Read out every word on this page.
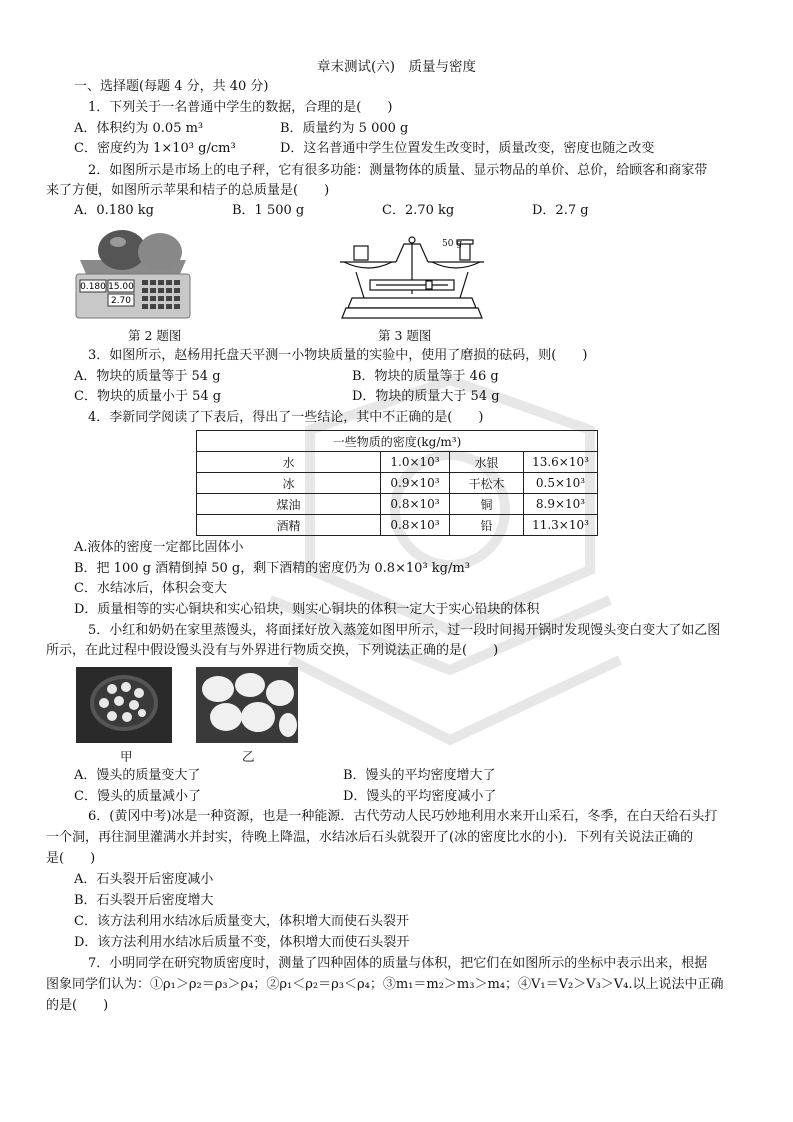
章末测试(六)　质量与密度
一、选择题(每题 4 分，共 40 分)
1．下列关于一名普通中学生的数据，合理的是(　　)
A．体积约为 0.05 m³	B．质量约为 5 000 g
C．密度约为 1×10³ g/cm³	D．这名普通中学生位置发生改变时，质量改变，密度也随之改变
2．如图所示是市场上的电子秤，它有很多功能：测量物体的质量、显示物品的单价、总价，给顾客和商家带
来了方便，如图所示苹果和桔子的总质量是(　　)
A．0.180 kg	B．1 500 g	C．2.70 kg	D．2.7 g
0.180 15.00
2.70
50 g
第 2 题图	第 3 题图
3．如图所示，赵杨用托盘天平测一小物块质量的实验中，使用了磨损的砝码，则(　　)
A．物块的质量等于 54 g	B．物块的质量等于 46 g
C．物块的质量小于 54 g	D．物块的质量大于 54 g
4．李新同学阅读了下表后，得出了一些结论，其中不正确的是(　　)
一些物质的密度(kg/m³)			
水	1.0×10³	水银	13.6×10³
冰	0.9×10³	干松木	0.5×10³
煤油	0.8×10³	铜	8.9×10³
酒精	0.8×10³	铅	11.3×10³
A.液体的密度一定都比固体小
B．把 100 g 酒精倒掉 50 g，剩下酒精的密度仍为 0.8×10³ kg/m³
C．水结冰后，体积会变大
D．质量相等的实心铜块和实心铅块，则实心铜块的体积一定大于实心铅块的体积
5．小红和奶奶在家里蒸馒头，将面揉好放入蒸笼如图甲所示，过一段时间揭开锅时发现馒头变白变大了如乙图
所示，在此过程中假设馒头没有与外界进行物质交换，下列说法正确的是(　　)
甲	乙
A．馒头的质量变大了	B．馒头的平均密度增大了
C．馒头的质量减小了	D．馒头的平均密度减小了
6．(黄冈中考)冰是一种资源，也是一种能源．古代劳动人民巧妙地利用水来开山采石，冬季，在白天给石头打
一个洞，再往洞里灌满水并封实，待晚上降温，水结冰后石头就裂开了(冰的密度比水的小)．下列有关说法正确的
是(　　)
A．石头裂开后密度减小
B．石头裂开后密度增大
C．该方法利用水结冰后质量变大，体积增大而使石头裂开
D．该方法利用水结冰后质量不变，体积增大而使石头裂开
7．小明同学在研究物质密度时，测量了四种固体的质量与体积，把它们在如图所示的坐标中表示出来，根据
图象同学们认为：①ρ₁＞ρ₂＝ρ₃＞ρ₄；②ρ₁＜ρ₂＝ρ₃＜ρ₄；③m₁＝m₂＞m₃＞m₄；④V₁＝V₂＞V₃＞V₄.以上说法中正确
的是(　　)
